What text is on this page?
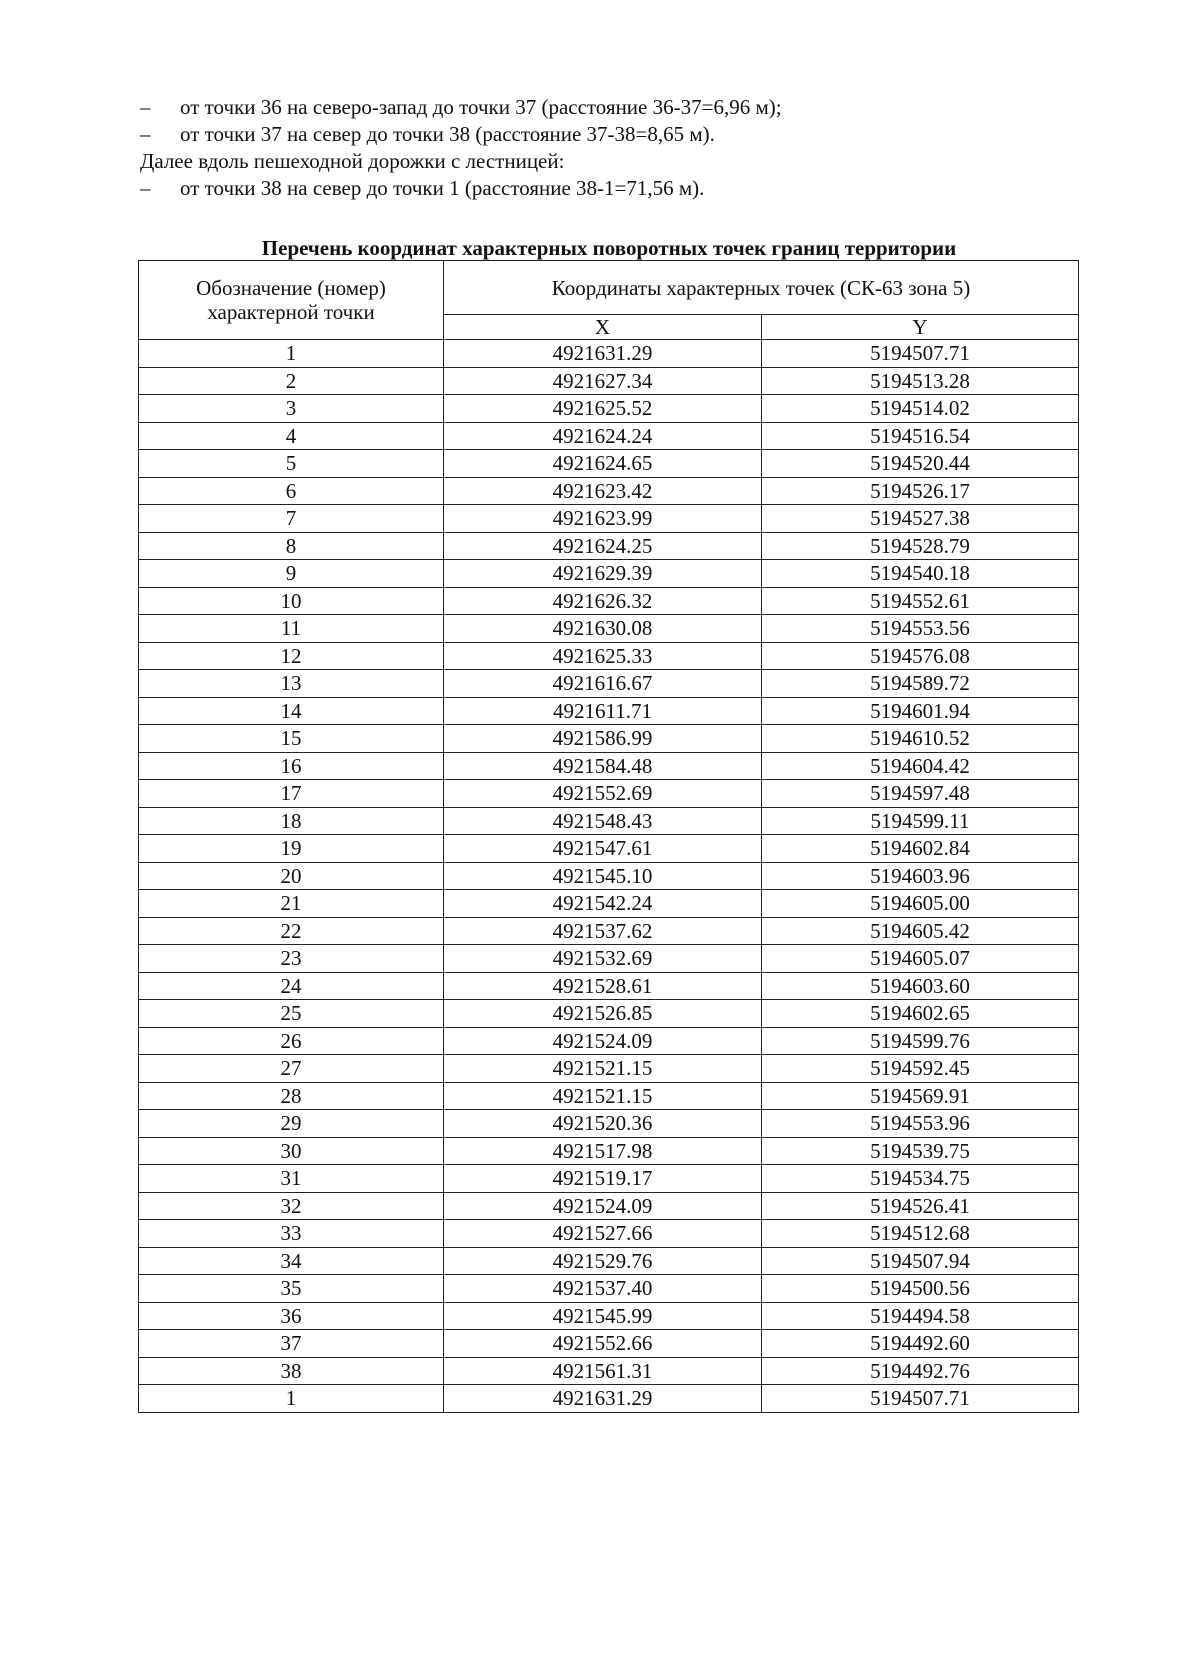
– от точки 36 на северо-запад до точки 37 (расстояние 36-37=6,96 м);
– от точки 37 на север до точки 38 (расстояние 37-38=8,65 м).
Далее вдоль пешеходной дорожки с лестницей:
– от точки 38 на север до точки 1 (расстояние 38-1=71,56 м).
Перечень координат характерных поворотных точек границ территории
Обозначение (номер) характерной точки	Координаты характерных точек (СК-63 зона 5)	
	X	Y
1	4921631.29	5194507.71
2	4921627.34	5194513.28
3	4921625.52	5194514.02
4	4921624.24	5194516.54
5	4921624.65	5194520.44
6	4921623.42	5194526.17
7	4921623.99	5194527.38
8	4921624.25	5194528.79
9	4921629.39	5194540.18
10	4921626.32	5194552.61
11	4921630.08	5194553.56
12	4921625.33	5194576.08
13	4921616.67	5194589.72
14	4921611.71	5194601.94
15	4921586.99	5194610.52
16	4921584.48	5194604.42
17	4921552.69	5194597.48
18	4921548.43	5194599.11
19	4921547.61	5194602.84
20	4921545.10	5194603.96
21	4921542.24	5194605.00
22	4921537.62	5194605.42
23	4921532.69	5194605.07
24	4921528.61	5194603.60
25	4921526.85	5194602.65
26	4921524.09	5194599.76
27	4921521.15	5194592.45
28	4921521.15	5194569.91
29	4921520.36	5194553.96
30	4921517.98	5194539.75
31	4921519.17	5194534.75
32	4921524.09	5194526.41
33	4921527.66	5194512.68
34	4921529.76	5194507.94
35	4921537.40	5194500.56
36	4921545.99	5194494.58
37	4921552.66	5194492.60
38	4921561.31	5194492.76
1	4921631.29	5194507.71
